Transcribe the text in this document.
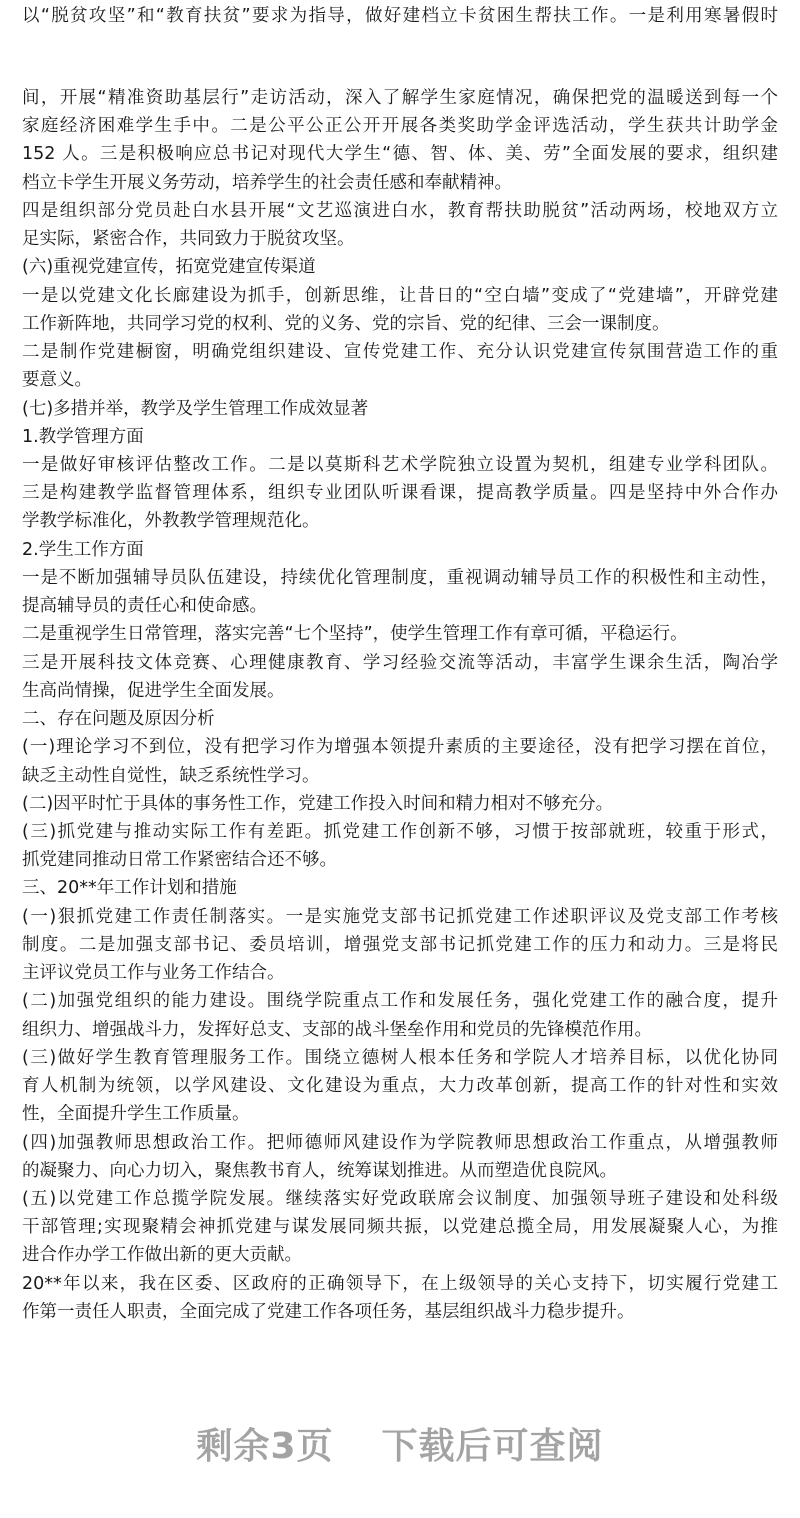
以“脱贫攻坚”和“教育扶贫”要求为指导，做好建档立卡贫困生帮扶工作。一是利用寒暑假时
间，开展“精准资助基层行”走访活动，深入了解学生家庭情况，确保把党的温暖送到每一个
家庭经济困难学生手中。二是公平公正公开开展各类奖助学金评选活动，学生获共计助学金
152 人。三是积极响应总书记对现代大学生“德、智、体、美、劳”全面发展的要求，组织建
档立卡学生开展义务劳动，培养学生的社会责任感和奉献精神。
四是组织部分党员赴白水县开展“文艺巡演进白水，教育帮扶助脱贫”活动两场，校地双方立
足实际，紧密合作，共同致力于脱贫攻坚。
(六)重视党建宣传，拓宽党建宣传渠道
一是以党建文化长廊建设为抓手，创新思维，让昔日的“空白墙”变成了“党建墙”，开辟党建
工作新阵地，共同学习党的权利、党的义务、党的宗旨、党的纪律、三会一课制度。
二是制作党建橱窗，明确党组织建设、宣传党建工作、充分认识党建宣传氛围营造工作的重
要意义。
(七)多措并举，教学及学生管理工作成效显著
1.教学管理方面
一是做好审核评估整改工作。二是以莫斯科艺术学院独立设置为契机，组建专业学科团队。
三是构建教学监督管理体系，组织专业团队听课看课，提高教学质量。四是坚持中外合作办
学教学标准化，外教教学管理规范化。
2.学生工作方面
一是不断加强辅导员队伍建设，持续优化管理制度，重视调动辅导员工作的积极性和主动性，
提高辅导员的责任心和使命感。
二是重视学生日常管理，落实完善“七个坚持”，使学生管理工作有章可循，平稳运行。
三是开展科技文体竞赛、心理健康教育、学习经验交流等活动，丰富学生课余生活，陶冶学
生高尚情操，促进学生全面发展。
二、存在问题及原因分析
(一)理论学习不到位，没有把学习作为增强本领提升素质的主要途径，没有把学习摆在首位，
缺乏主动性自觉性，缺乏系统性学习。
(二)因平时忙于具体的事务性工作，党建工作投入时间和精力相对不够充分。
(三)抓党建与推动实际工作有差距。抓党建工作创新不够，习惯于按部就班，较重于形式，
抓党建同推动日常工作紧密结合还不够。
三、20**年工作计划和措施
(一)狠抓党建工作责任制落实。一是实施党支部书记抓党建工作述职评议及党支部工作考核
制度。二是加强支部书记、委员培训，增强党支部书记抓党建工作的压力和动力。三是将民
主评议党员工作与业务工作结合。
(二)加强党组织的能力建设。围绕学院重点工作和发展任务，强化党建工作的融合度，提升
组织力、增强战斗力，发挥好总支、支部的战斗堡垒作用和党员的先锋模范作用。
(三)做好学生教育管理服务工作。围绕立德树人根本任务和学院人才培养目标，以优化协同
育人机制为统领，以学风建设、文化建设为重点，大力改革创新，提高工作的针对性和实效
性，全面提升学生工作质量。
(四)加强教师思想政治工作。把师德师风建设作为学院教师思想政治工作重点，从增强教师
的凝聚力、向心力切入，聚焦教书育人，统筹谋划推进。从而塑造优良院风。
(五)以党建工作总揽学院发展。继续落实好党政联席会议制度、加强领导班子建设和处科级
干部管理;实现聚精会神抓党建与谋发展同频共振，以党建总揽全局，用发展凝聚人心，为推
进合作办学工作做出新的更大贡献。
20**年以来，我在区委、区政府的正确领导下，在上级领导的关心支持下，切实履行党建工
作第一责任人职责，全面完成了党建工作各项任务，基层组织战斗力稳步提升。
剩余3页 下载后可查阅
